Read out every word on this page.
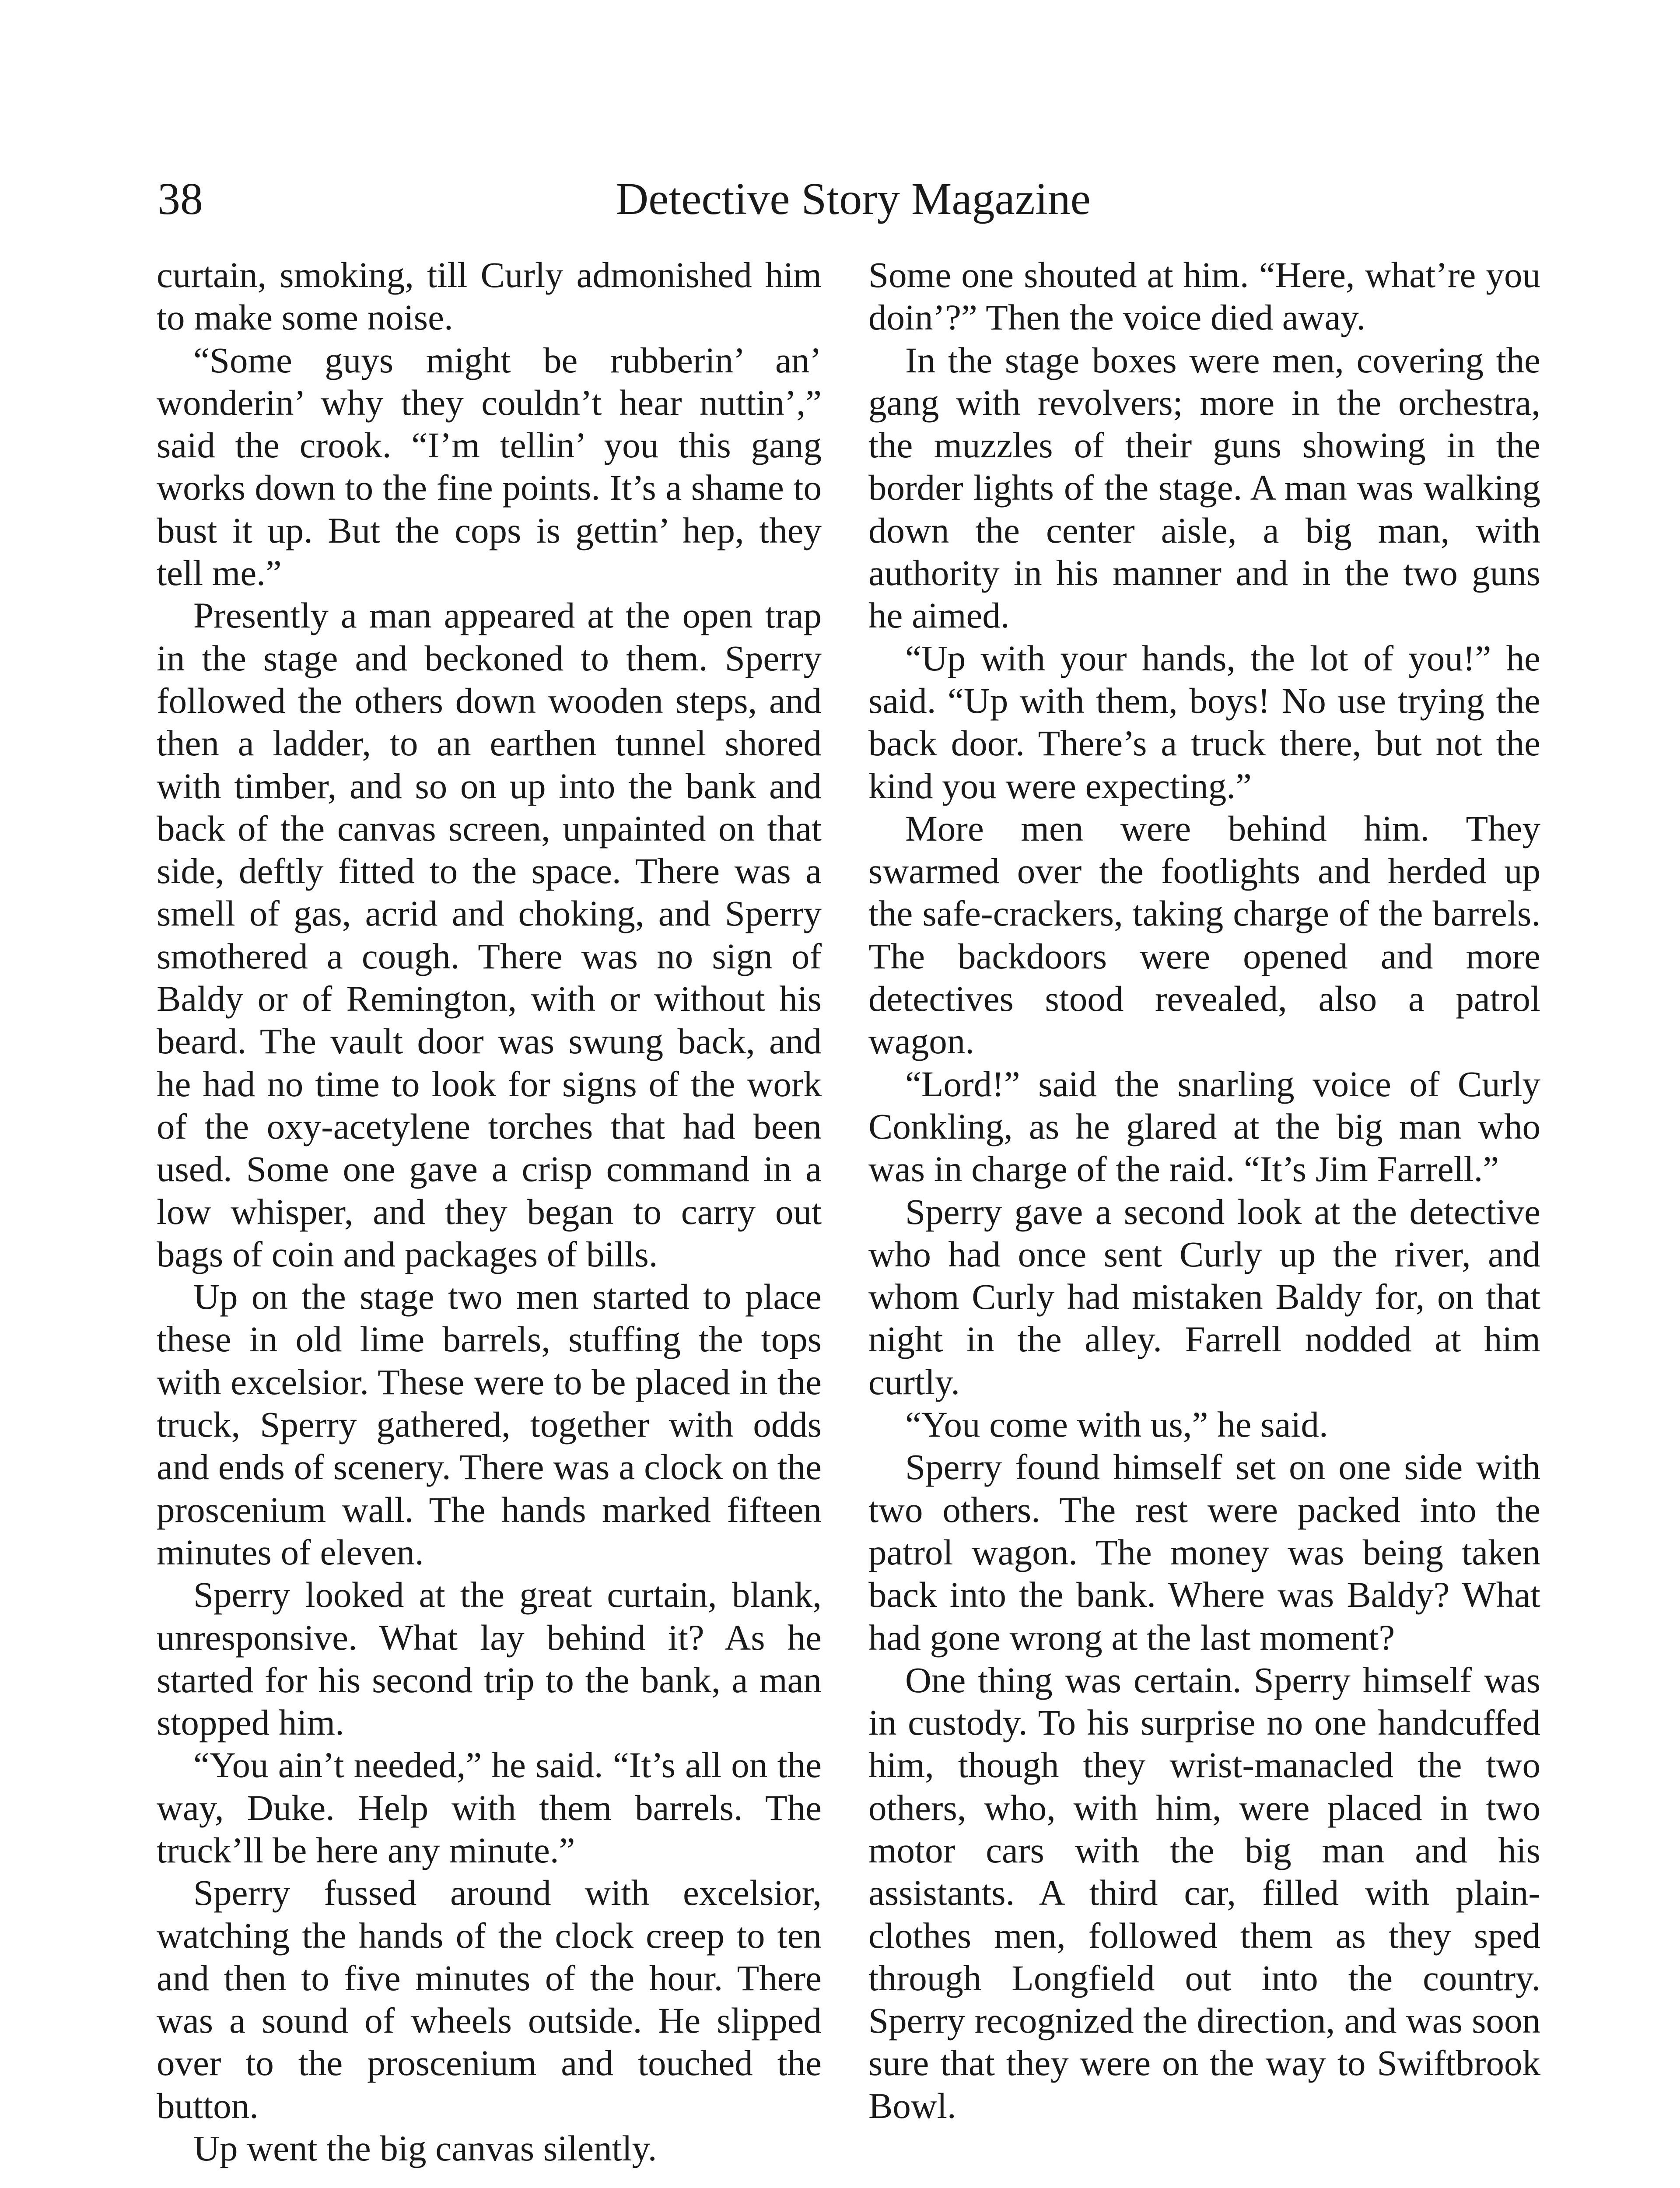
38	Detective Story Magazine

curtain, smoking, till Curly admonished him to make some noise.

“Some guys might be rubberin’ an’ wonderin’ why they couldn’t hear nuttin’,” said the crook. “I’m tellin’ you this gang works down to the fine points. It’s a shame to bust it up. But the cops is gettin’ hep, they tell me.”

Presently a man appeared at the open trap in the stage and beckoned to them. Sperry followed the others down wooden steps, and then a ladder, to an earthen tunnel shored with timber, and so on up into the bank and back of the canvas screen, unpainted on that side, deftly fitted to the space. There was a smell of gas, acrid and choking, and Sperry smothered a cough. There was no sign of Baldy or of Remington, with or without his beard. The vault door was swung back, and he had no time to look for signs of the work of the oxy-acetylene torches that had been used. Some one gave a crisp command in a low whisper, and they began to carry out bags of coin and packages of bills.

Up on the stage two men started to place these in old lime barrels, stuffing the tops with excelsior. These were to be placed in the truck, Sperry gathered, together with odds and ends of scenery. There was a clock on the proscenium wall. The hands marked fifteen minutes of eleven.

Sperry looked at the great curtain, blank, unresponsive. What lay behind it? As he started for his second trip to the bank, a man stopped him.

“You ain’t needed,” he said. “It’s all on the way, Duke. Help with them barrels. The truck’ll be here any minute.”

Sperry fussed around with excelsior, watching the hands of the clock creep to ten and then to five minutes of the hour. There was a sound of wheels outside. He slipped over to the proscenium and touched the button.

Up went the big canvas silently.

Some one shouted at him. “Here, what’re you doin’?” Then the voice died away.

In the stage boxes were men, covering the gang with revolvers; more in the orchestra, the muzzles of their guns showing in the border lights of the stage. A man was walking down the center aisle, a big man, with authority in his manner and in the two guns he aimed.

“Up with your hands, the lot of you!” he said. “Up with them, boys! No use trying the back door. There’s a truck there, but not the kind you were expecting.”

More men were behind him. They swarmed over the footlights and herded up the safe-crackers, taking charge of the barrels. The backdoors were opened and more detectives stood revealed, also a patrol wagon.

“Lord!” said the snarling voice of Curly Conkling, as he glared at the big man who was in charge of the raid. “It’s Jim Farrell.”

Sperry gave a second look at the detective who had once sent Curly up the river, and whom Curly had mistaken Baldy for, on that night in the alley. Farrell nodded at him curtly.

“You come with us,” he said.

Sperry found himself set on one side with two others. The rest were packed into the patrol wagon. The money was being taken back into the bank. Where was Baldy? What had gone wrong at the last moment?

One thing was certain. Sperry himself was in custody. To his surprise no one handcuffed him, though they wrist-manacled the two others, who, with him, were placed in two motor cars with the big man and his assistants. A third car, filled with plain-clothes men, followed them as they sped through Longfield out into the country. Sperry recognized the direction, and was soon sure that they were on the way to Swiftbrook Bowl.
